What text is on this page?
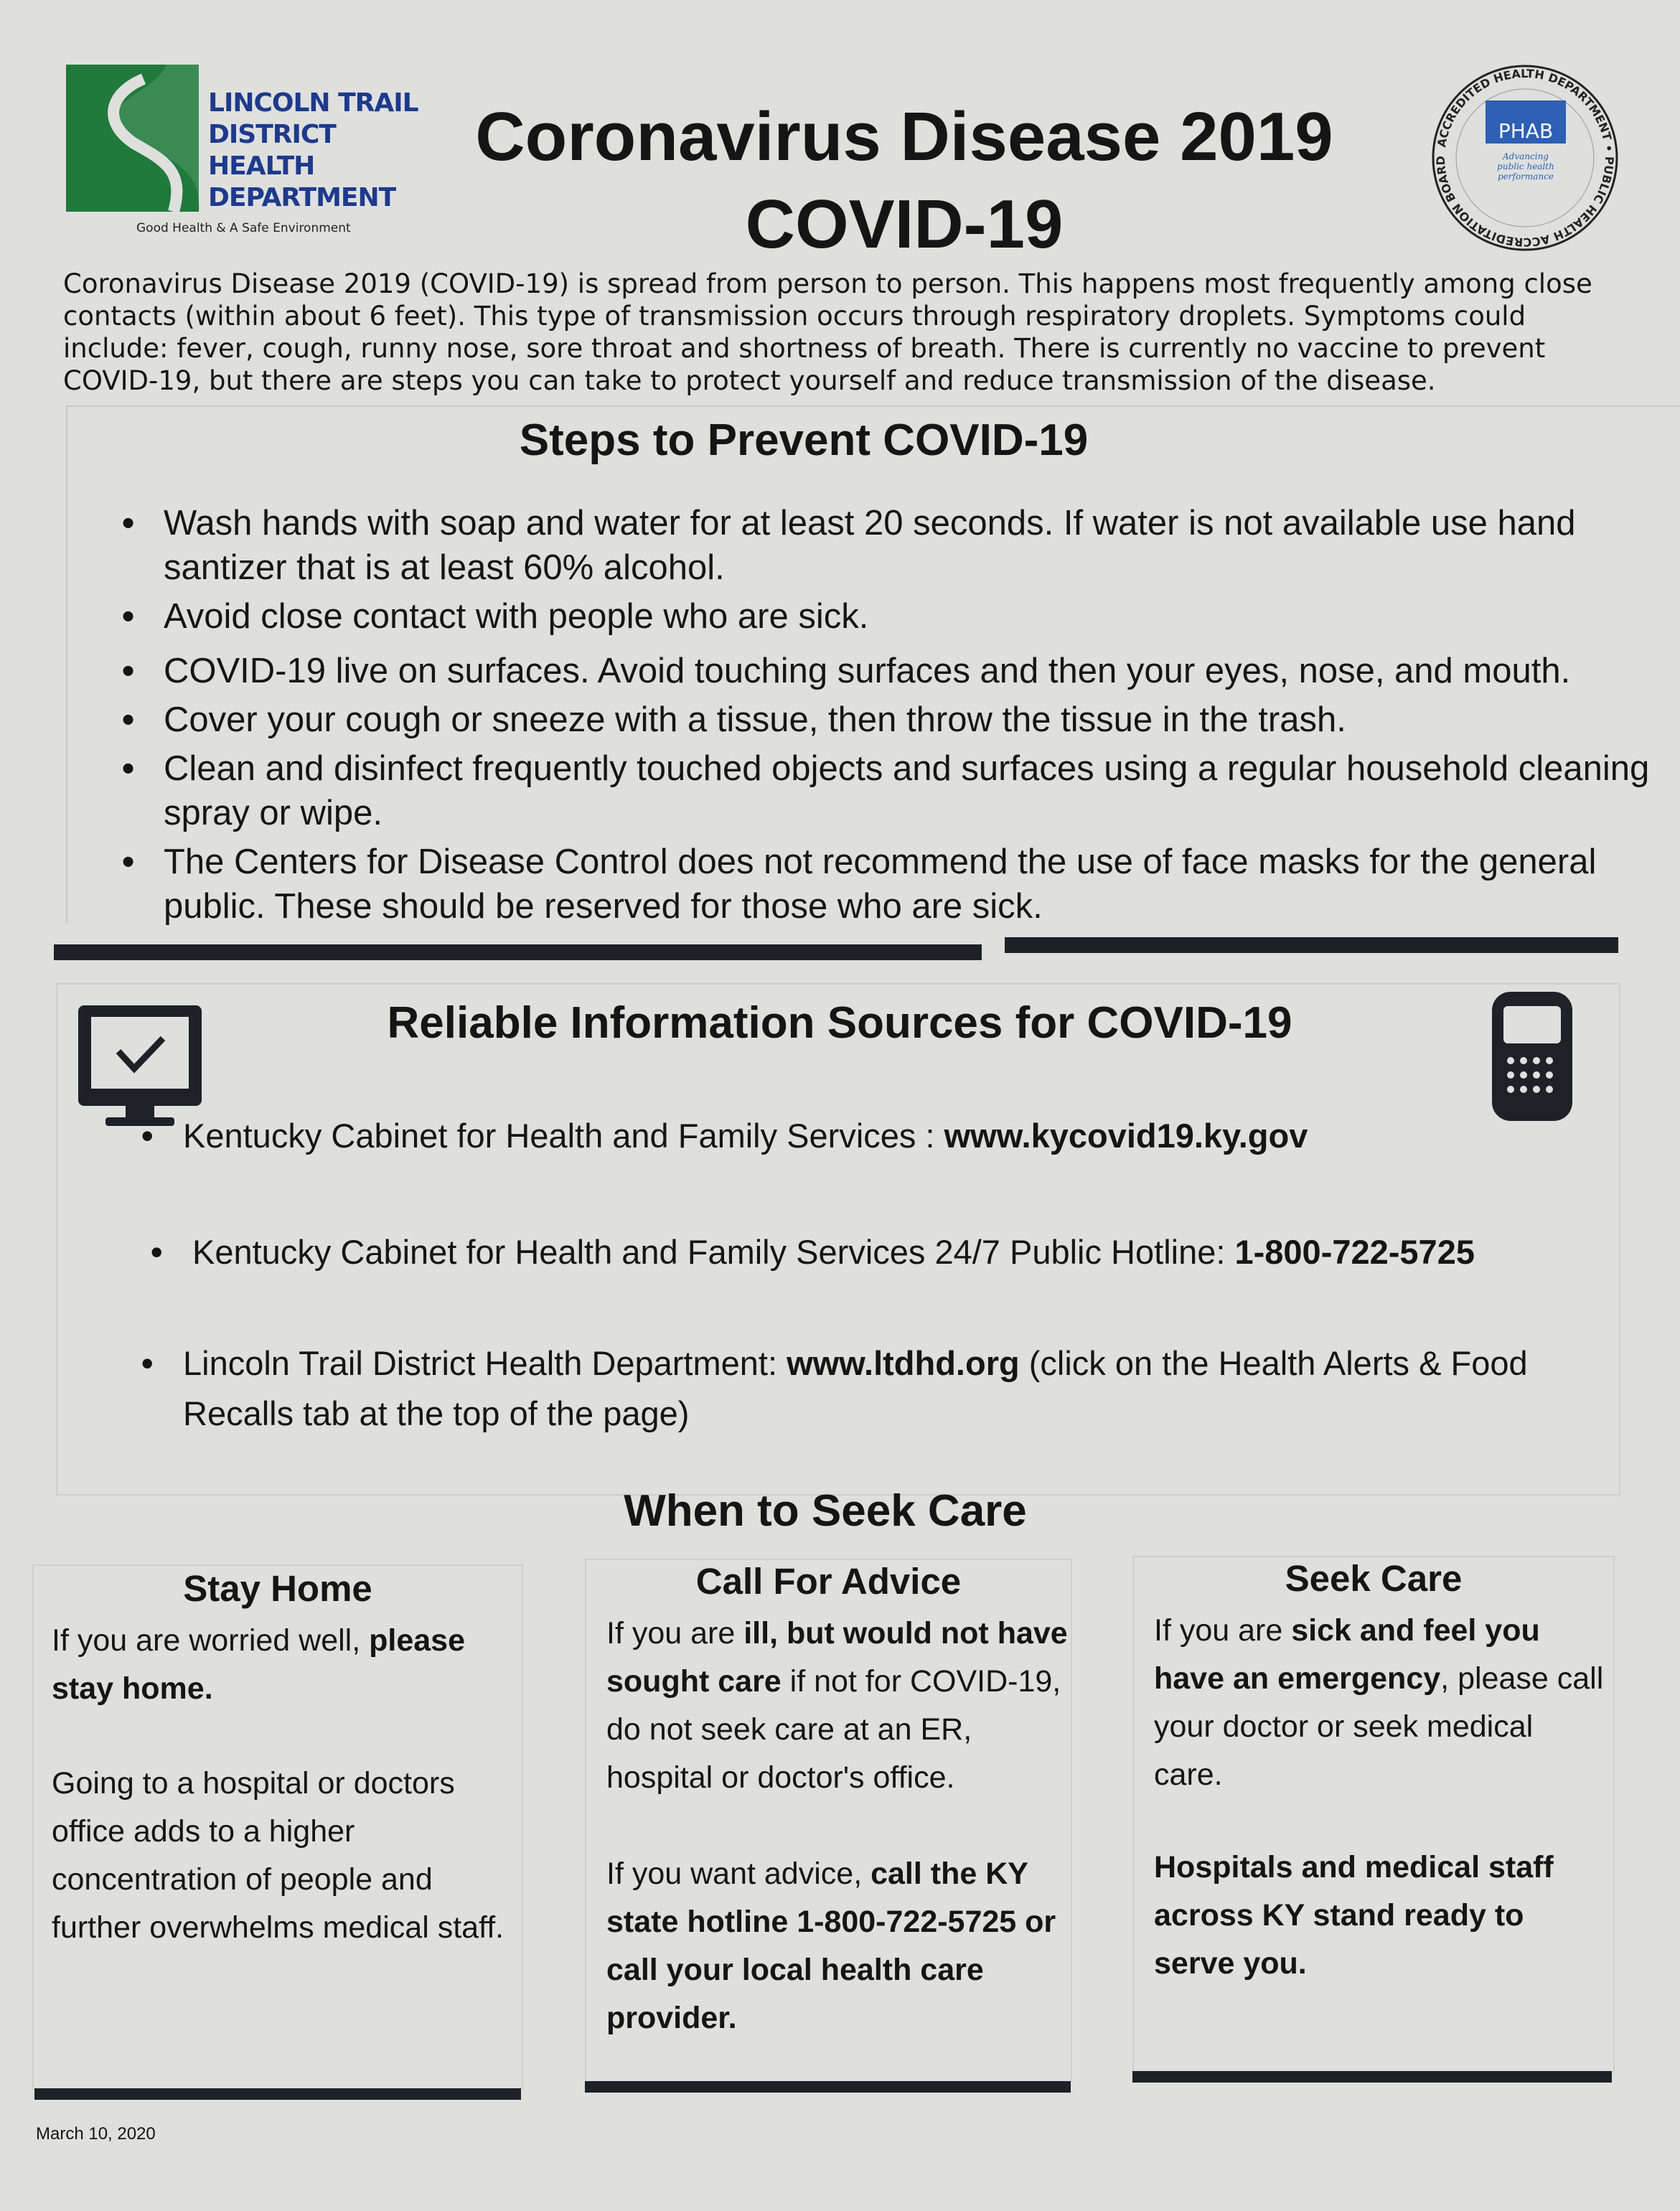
LINCOLN TRAIL
DISTRICT
HEALTH
DEPARTMENT
Good Health & A Safe Environment
Coronavirus Disease 2019
COVID-19
ACCREDITED HEALTH DEPARTMENT • PUBLIC HEALTH ACCREDITATION BOARD
PHAB
Advancing
public health
performance
Coronavirus Disease 2019 (COVID-19) is spread from person to person. This happens most frequently among close contacts (within about 6 feet). This type of transmission occurs through respiratory droplets. Symptoms could include: fever, cough, runny nose, sore throat and shortness of breath. There is currently no vaccine to prevent COVID-19, but there are steps you can take to protect yourself and reduce transmission of the disease.
Steps to Prevent COVID-19
• Wash hands with soap and water for at least 20 seconds. If water is not available use hand santizer that is at least 60% alcohol.
• Avoid close contact with people who are sick.
• COVID-19 live on surfaces. Avoid touching surfaces and then your eyes, nose, and mouth.
• Cover your cough or sneeze with a tissue, then throw the tissue in the trash.
• Clean and disinfect frequently touched objects and surfaces using a regular household cleaning spray or wipe.
• The Centers for Disease Control does not recommend the use of face masks for the general public. These should be reserved for those who are sick.
Reliable Information Sources for COVID-19
• Kentucky Cabinet for Health and Family Services : www.kycovid19.ky.gov
• Kentucky Cabinet for Health and Family Services 24/7 Public Hotline: 1-800-722-5725
• Lincoln Trail District Health Department: www.ltdhd.org (click on the Health Alerts & Food Recalls tab at the top of the page)
When to Seek Care
Stay Home
If you are worried well, please stay home.
Going to a hospital or doctors office adds to a higher concentration of people and further overwhelms medical staff.
Call For Advice
If you are ill, but would not have sought care if not for COVID-19, do not seek care at an ER, hospital or doctor's office.
If you want advice, call the KY state hotline 1-800-722-5725 or call your local health care provider.
Seek Care
If you are sick and feel you have an emergency, please call your doctor or seek medical care.
Hospitals and medical staff across KY stand ready to serve you.
March 10, 2020
